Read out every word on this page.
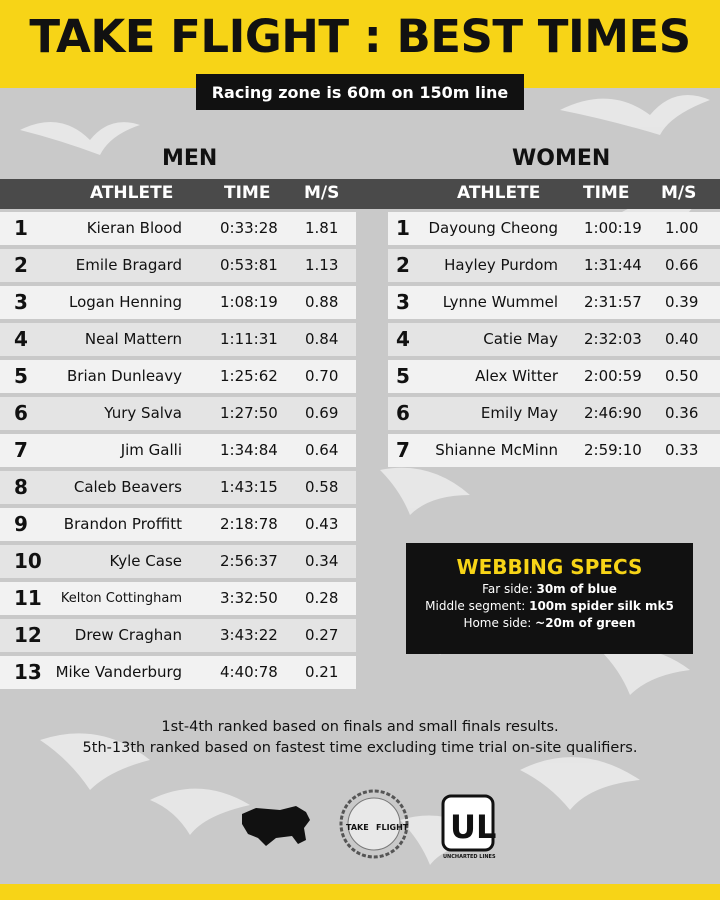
TAKE FLIGHT : BEST TIMES
Racing zone is 60m on 150m line
MEN	WOMEN
ATHLETE	TIME M/S	ATHLETE	TIME M/S
1	Kieran Blood	0:33:28 1.81
2	Emile Bragard	0:53:81 1.13
3	Logan Henning	1:08:19 0.88
4	Neal Mattern	1:11:31 0.84
5	Brian Dunleavy	1:25:62 0.70
6	Yury Salva	1:27:50 0.69
7	Jim Galli	1:34:84 0.64
8	Caleb Beavers	1:43:15 0.58
9 Brandon Proffitt	2:18:78 0.43
10	Kyle Case	2:56:37 0.34
11 Kelton Cottingham	3:32:50 0.28
12 Drew Craghan	3:43:22 0.27
13 Mike Vanderburg	4:40:78 0.21
1 Dayoung Cheong 1:00:19 1.00
2 Hayley Purdom 1:31:44 0.66
3 Lynne Wummel 2:31:57 0.39
4	Catie May 2:32:03 0.40
5	Alex Witter 2:00:59 0.50
6	Emily May 2:46:90 0.36
7 Shianne McMinn 2:59:10 0.33
WEBBING SPECS
Far side: 30m of blue
Middle segment: 100m spider silk mk5
Home side: ~20m of green
1st-4th ranked based on finals and small finals results.
5th-13th ranked based on fastest time excluding time trial on-site qualifiers.
TAKE FLIGHT UL
UNCHARTED LINES
